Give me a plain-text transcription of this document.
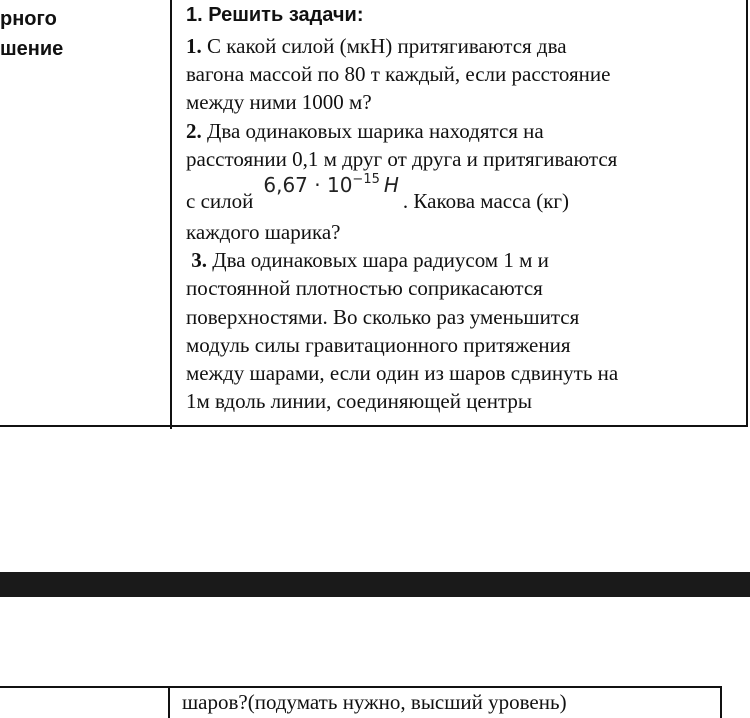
рного
шение
1. Решить задачи:
1. С какой силой (мкН) притягиваются два
вагона массой по 80 т каждый, если расстояние
между ними 1000 м?
2. Два одинаковых шарика находятся на
расстоянии 0,1 м друг от друга и притягиваются
с силой6,67 · $10^{-15}$ H. Какова масса (кг)
каждого шарика?
3. Два одинаковых шара радиусом 1 м и
постоянной плотностью соприкасаются
поверхностями. Во сколько раз уменьшится
модуль силы гравитационного притяжения
между шарами, если один из шаров сдвинуть на
1м вдоль линии, соединяющей центры
шаров?(подумать нужно, высший уровень)
